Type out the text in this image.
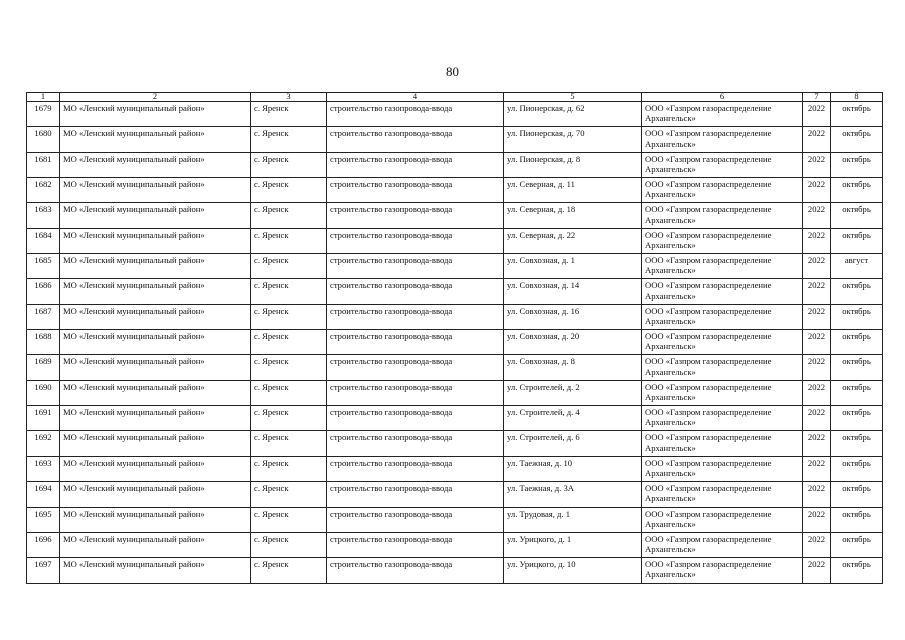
80
1	2	3	4	5	6	7	8
1679	МО «Ленский муниципальный район»	с. Яренск	строительство газопровода-ввода	ул. Пионерская, д. 62	ООО «Газпром газораспределение Архангельск»	2022	октябрь
1680	МО «Ленский муниципальный район»	с. Яренск	строительство газопровода-ввода	ул. Пионерская, д. 70	ООО «Газпром газораспределение Архангельск»	2022	октябрь
1681	МО «Ленский муниципальный район»	с. Яренск	строительство газопровода-ввода	ул. Пионерская, д. 8	ООО «Газпром газораспределение Архангельск»	2022	октябрь
1682	МО «Ленский муниципальный район»	с. Яренск	строительство газопровода-ввода	ул. Северная, д. 11	ООО «Газпром газораспределение Архангельск»	2022	октябрь
1683	МО «Ленский муниципальный район»	с. Яренск	строительство газопровода-ввода	ул. Северная, д. 18	ООО «Газпром газораспределение Архангельск»	2022	октябрь
1684	МО «Ленский муниципальный район»	с. Яренск	строительство газопровода-ввода	ул. Северная, д. 22	ООО «Газпром газораспределение Архангельск»	2022	октябрь
1685	МО «Ленский муниципальный район»	с. Яренск	строительство газопровода-ввода	ул. Совхозная, д. 1	ООО «Газпром газораспределение Архангельск»	2022	август
1686	МО «Ленский муниципальный район»	с. Яренск	строительство газопровода-ввода	ул. Совхозная, д. 14	ООО «Газпром газораспределение Архангельск»	2022	октябрь
1687	МО «Ленский муниципальный район»	с. Яренск	строительство газопровода-ввода	ул. Совхозная, д. 16	ООО «Газпром газораспределение Архангельск»	2022	октябрь
1688	МО «Ленский муниципальный район»	с. Яренск	строительство газопровода-ввода	ул. Совхозная, д. 20	ООО «Газпром газораспределение Архангельск»	2022	октябрь
1689	МО «Ленский муниципальный район»	с. Яренск	строительство газопровода-ввода	ул. Совхозная, д. 8	ООО «Газпром газораспределение Архангельск»	2022	октябрь
1690	МО «Ленский муниципальный район»	с. Яренск	строительство газопровода-ввода	ул. Строителей, д. 2	ООО «Газпром газораспределение Архангельск»	2022	октябрь
1691	МО «Ленский муниципальный район»	с. Яренск	строительство газопровода-ввода	ул. Строителей, д. 4	ООО «Газпром газораспределение Архангельск»	2022	октябрь
1692	МО «Ленский муниципальный район»	с. Яренск	строительство газопровода-ввода	ул. Строителей, д. 6	ООО «Газпром газораспределение Архангельск»	2022	октябрь
1693	МО «Ленский муниципальный район»	с. Яренск	строительство газопровода-ввода	ул. Таежная, д. 10	ООО «Газпром газораспределение Архангельск»	2022	октябрь
1694	МО «Ленский муниципальный район»	с. Яренск	строительство газопровода-ввода	ул. Таежная, д. 3А	ООО «Газпром газораспределение Архангельск»	2022	октябрь
1695	МО «Ленский муниципальный район»	с. Яренск	строительство газопровода-ввода	ул. Трудовая, д. 1	ООО «Газпром газораспределение Архангельск»	2022	октябрь
1696	МО «Ленский муниципальный район»	с. Яренск	строительство газопровода-ввода	ул. Урицкого, д. 1	ООО «Газпром газораспределение Архангельск»	2022	октябрь
1697	МО «Ленский муниципальный район»	с. Яренск	строительство газопровода-ввода	ул. Урицкого, д. 10	ООО «Газпром газораспределение Архангельск»	2022	октябрь
